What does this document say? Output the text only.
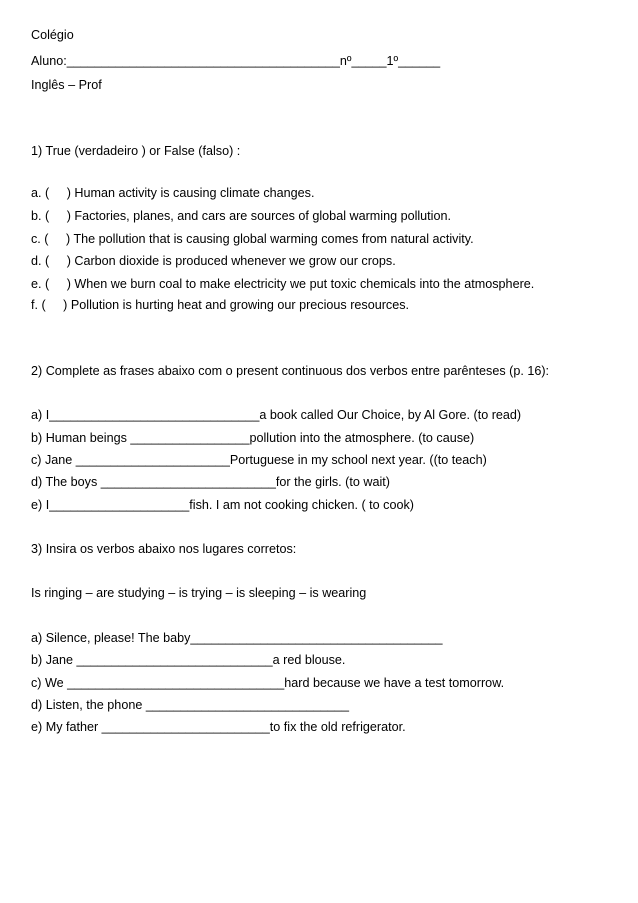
Colégio
Aluno:_______________________________________nº_____1º______
Inglês – Prof
1) True (verdadeiro ) or False (falso) :
a. (     ) Human activity is causing climate changes.
b. (     ) Factories, planes, and cars are sources of global warming pollution.
c. (     ) The pollution that is causing global warming comes from natural activity.
d. (     ) Carbon dioxide is produced whenever we grow our crops.
e. (     ) When we burn coal to make electricity we put toxic chemicals into the atmosphere.
f. (     ) Pollution is hurting heat and growing our precious resources.
2) Complete as frases abaixo com o present continuous dos verbos entre parênteses (p. 16):
a) I______________________________a book called Our Choice, by Al Gore. (to read)
b) Human beings _________________pollution into the atmosphere. (to cause)
c) Jane ______________________Portuguese in my school next year. ((to teach)
d) The boys _________________________for the girls. (to wait)
e) I____________________fish. I am not cooking chicken. ( to cook)
3) Insira os verbos abaixo nos lugares corretos:
Is ringing – are studying – is trying – is sleeping – is wearing
a) Silence, please! The baby____________________________________
b) Jane ____________________________a red blouse.
c) We _______________________________hard because we have a test tomorrow.
d) Listen, the phone _____________________________
e) My father ________________________to fix the old refrigerator.
